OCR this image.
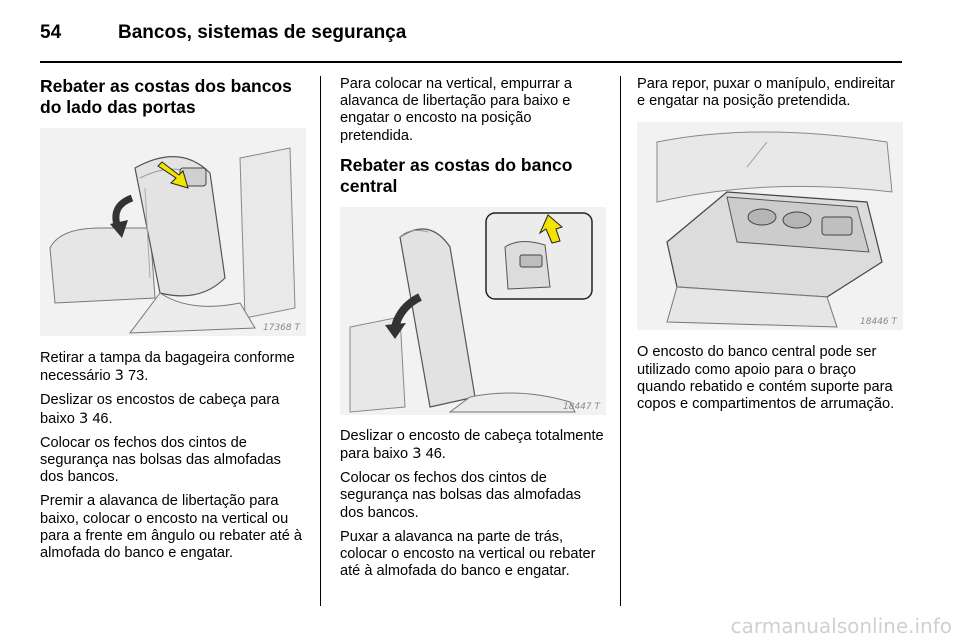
54	Bancos, sistemas de segurança
Rebater as costas dos bancos do lado das portas
17368 T

Retirar a tampa da bagageira conforme necessário 3 73.

Deslizar os encostos de cabeça para baixo 3 46.

Colocar os fechos dos cintos de segurança nas bolsas das almofadas dos bancos.

Premir a alavanca de libertação para baixo, colocar o encosto na vertical ou para a frente em ângulo ou rebater até à almofada do banco e engatar.

Para colocar na vertical, empurrar a alavanca de libertação para baixo e engatar o encosto na posição pretendida.

Rebater as costas do banco central
18447 T

Deslizar o encosto de cabeça totalmente para baixo 3 46.

Colocar os fechos dos cintos de segurança nas bolsas das almofadas dos bancos.

Puxar a alavanca na parte de trás, colocar o encosto na vertical ou rebater até à almofada do banco e engatar.

Para repor, puxar o manípulo, endireitar e engatar na posição pretendida.

18446 T

O encosto do banco central pode ser utilizado como apoio para o braço quando rebatido e contém suporte para copos e compartimentos de arrumação.

carmanualsonline.info
